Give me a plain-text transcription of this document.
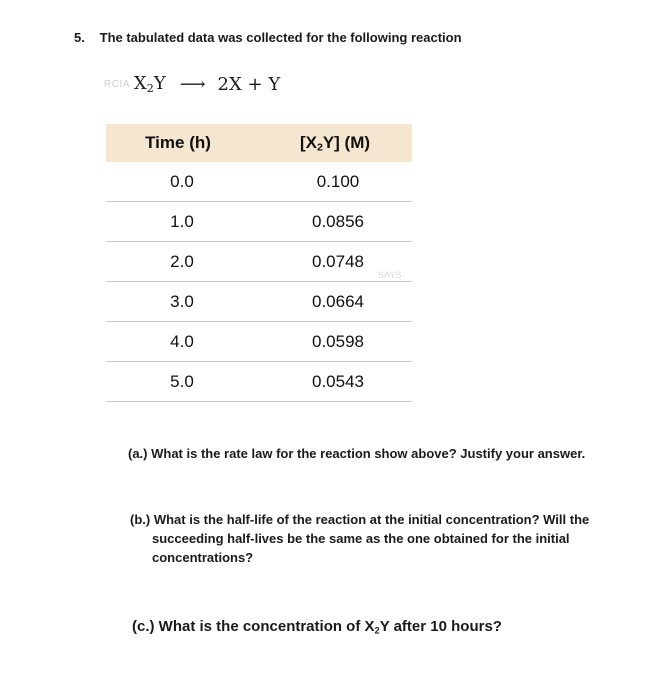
5. The tabulated data was collected for the following reaction
RCIA $X_2Y$ ⟶ 2X + Y
Time (h)	$[X_2Y]$ (M)
0.0	0.100
1.0	0.0856
2.0	0.0748
3.0	0.0664
4.0	0.0598
5.0	0.0543
SAYS
(a.) What is the rate law for the reaction show above? Justify your answer.
(b.) What is the half-life of the reaction at the initial concentration? Will the
succeeding half-lives be the same as the one obtained for the initial
concentrations?
(c.) What is the concentration of $X_2Y$ after 10 hours?
